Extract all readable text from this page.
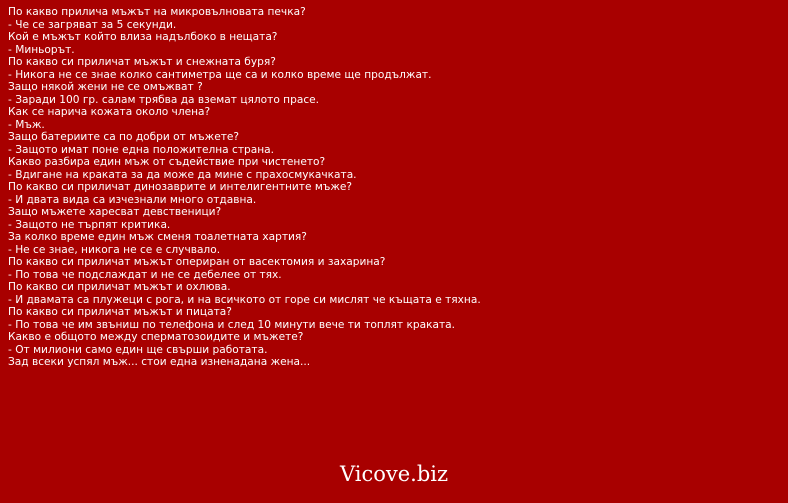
По какво прилича мъжът на микровълновата печка?
- Че се загряват за 5 секунди.
Кой е мъжът който влиза надълбоко в нещата?
- Миньорът.
По какво си приличат мъжът и снежната буря?
- Никога не се знае колко сантиметра ще са и колко време ще продължат.
Защо някой жени не се омъжват ?
- Заради 100 гр. салам трябва да вземат цялото прасе.
Как се нарича кожата около члена?
- Мъж.
Защо батериите са по добри от мъжете?
- Защото имат поне една положителна страна.
Какво разбира един мъж от съдействие при чистенето?
- Вдигане на краката за да може да мине с прахосмукачката.
По какво си приличат динозаврите и интелигентните мъже?
- И двата вида са изчезнали много отдавна.
Защо мъжете харесват девственици?
- Защото не търпят критика.
За колко време един мъж сменя тоалетната хартия?
- Не се знае, никога не се е случвало.
По какво си приличат мъжът опериран от васектомия и захарина?
- По това че подслаждат и не се дебелее от тях.
По какво си приличат мъжът и охлюва.
- И двамата са плужеци с рога, и на всичкото от горе си мислят че къщата е тяхна.
По какво си приличат мъжът и пицата?
- По това че им звъниш по телефона и след 10 минути вече ти топлят краката.
Какво е общото между сперматозоидите и мъжете?
- От милиони само един ще свърши работата.
Зад всеки успял мъж... стои една изненадана жена...
Vicove.biz
